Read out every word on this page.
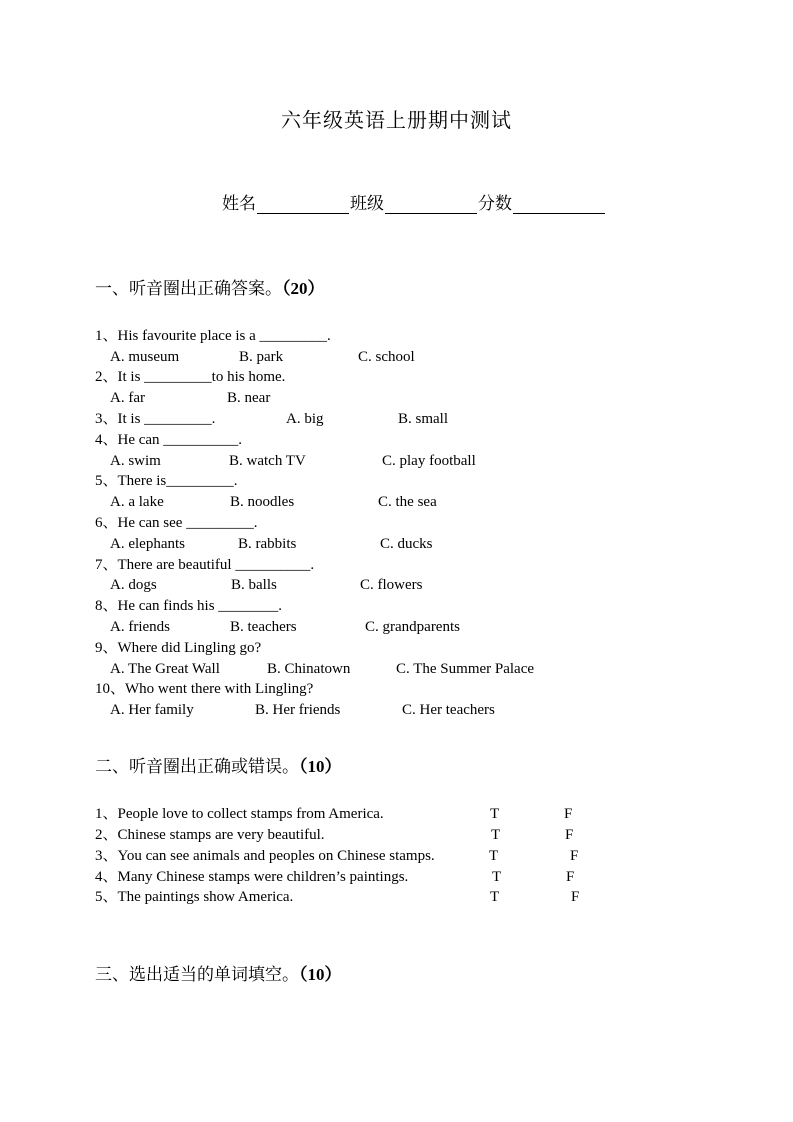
六年级英语上册期中测试
姓名	班级	分数
一、听音圈出正确答案。（20）
1、His favourite place is a _________.
A. museum	B. park	C. school
2、It is _________to his home.
A. far	B. near
3、It is _________.	A. big	B. small
4、He can __________.
A. swim	B. watch TV	C. play football
5、There is_________.
A. a lake	B. noodles	C. the sea
6、He can see _________.
A. elephants	B. rabbits	C. ducks
7、There are beautiful __________.
A. dogs	B. balls	C. flowers
8、He can finds his ________.
A. friends	B. teachers	C. grandparents
9、Where did Lingling go?
A. The Great Wall	B. Chinatown	C. The Summer Palace
10、Who went there with Lingling?
A. Her family	B. Her friends	C. Her teachers
二、听音圈出正确或错误。（10）
1、People love to collect stamps from America.	T	F
2、Chinese stamps are very beautiful.	T	F
3、You can see animals and peoples on Chinese stamps.	T	F
4、Many Chinese stamps were children’s paintings.	T	F
5、The paintings show America.	T	F
三、选出适当的单词填空。（10）
